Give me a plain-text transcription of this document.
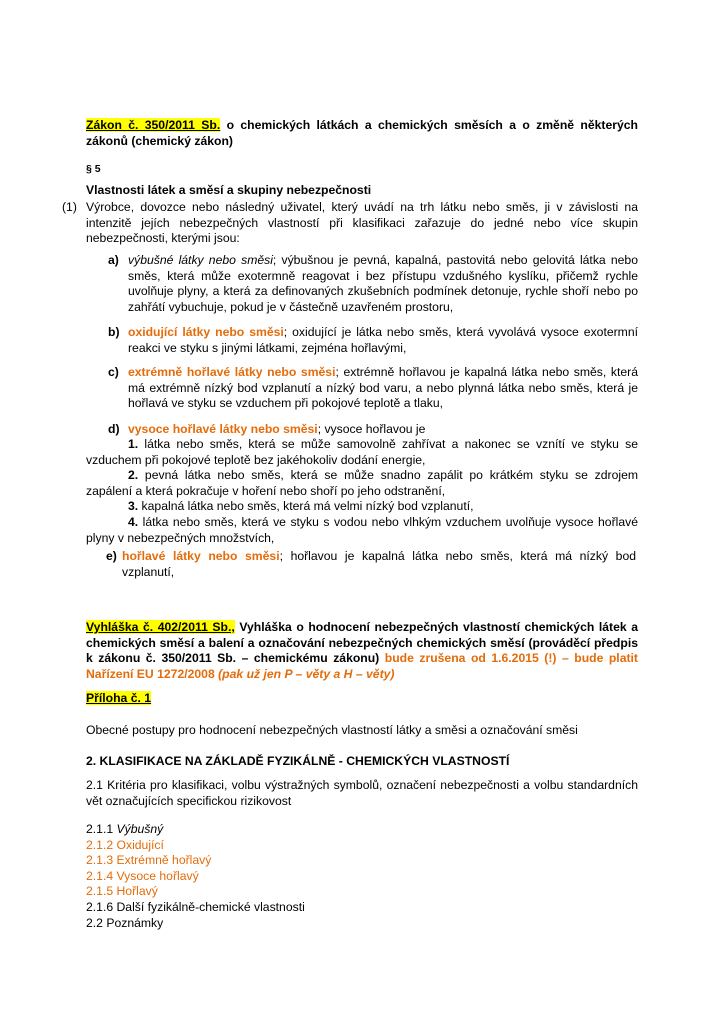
Zákon č. 350/2011 Sb. o chemických látkách a chemických směsích a o změně některých zákonů (chemický zákon)

§ 5

Vlastnosti látek a směsí a skupiny nebezpečnosti

(1) Výrobce, dovozce nebo následný uživatel, který uvádí na trh látku nebo směs, ji v závislosti na intenzitě jejích nebezpečných vlastností při klasifikaci zařazuje do jedné nebo více skupin nebezpečnosti, kterými jsou:

a) výbušné látky nebo směsi; výbušnou je pevná, kapalná, pastovitá nebo gelovitá látka nebo směs, která může exotermně reagovat i bez přístupu vzdušného kyslíku, přičemž rychle uvolňuje plyny, a která za definovaných zkušebních podmínek detonuje, rychle shoří nebo po zahřátí vybuchuje, pokud je v částečně uzavřeném prostoru,
b) oxidující látky nebo směsi; oxidující je látka nebo směs, která vyvolává vysoce exotermní reakci ve styku s jinými látkami, zejména hořlavými,
c) extrémně hořlavé látky nebo směsi; extrémně hořlavou je kapalná látka nebo směs, která má extrémně nízký bod vzplanutí a nízký bod varu, a nebo plynná látka nebo směs, která je hořlavá ve styku se vzduchem při pokojové teplotě a tlaku,
d) vysoce hořlavé látky nebo směsi; vysoce hořlavou je

1. látka nebo směs, která se může samovolně zahřívat a nakonec se vznítí ve styku se vzduchem při pokojové teplotě bez jakéhokoliv dodání energie,

2. pevná látka nebo směs, která se může snadno zapálit po krátkém styku se zdrojem zapálení a která pokračuje v hoření nebo shoří po jeho odstranění,

3. kapalná látka nebo směs, která má velmi nízký bod vzplanutí,

4. látka nebo směs, která ve styku s vodou nebo vlhkým vzduchem uvolňuje vysoce hořlavé plyny v nebezpečných množstvích,

e) hořlavé látky nebo směsi; hořlavou je kapalná látka nebo směs, která má nízký bod vzplanutí,

Vyhláška č. 402/2011 Sb., Vyhláška o hodnocení nebezpečných vlastností chemických látek a chemických směsí a balení a označování nebezpečných chemických směsí (prováděcí předpis k zákonu č. 350/2011 Sb. – chemickému zákonu) bude zrušena od 1.6.2015 (!) – bude platit Nařízení EU 1272/2008 (pak už jen P – věty a H – věty)

Příloha č. 1

Obecné postupy pro hodnocení nebezpečných vlastností látky a směsi a označování směsi

2. KLASIFIKACE NA ZÁKLADĚ FYZIKÁLNĚ - CHEMICKÝCH VLASTNOSTÍ

2.1 Kritéria pro klasifikaci, volbu výstražných symbolů, označení nebezpečnosti a volbu standardních vět označujících specifickou rizikovost

2.1.1 Výbušný

2.1.2 Oxidující

2.1.3 Extrémně hořlavý

2.1.4 Vysoce hořlavý

2.1.5 Hořlavý

2.1.6 Další fyzikálně-chemické vlastnosti

2.2 Poznámky
